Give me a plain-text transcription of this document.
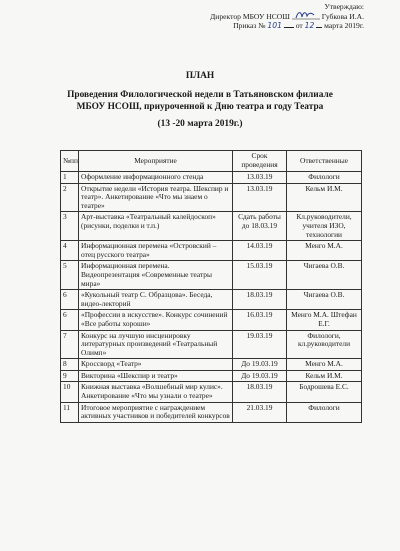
Утверждаю:
Директор МБОУ НСОШ	Губкова И.А.
Приказ № 101 от 12 марта 2019г.
ПЛАН
Проведения Филологической недели в Татьяновском филиале
МБОУ НСОШ, приуроченной к Дню театра и году Театра
(13 -20 марта 2019г.)
№пп	Мероприятие	Срок проведения	Ответственные
1	Оформление информационного стенда	13.03.19	Филологи
2	Открытие недели «История театра. Шекспир и театр». Анкетирование «Что мы знаем о театре»	13.03.19	Кельм И.М.
3	Арт-выставка «Театральный калейдоскоп» (рисунки, поделки и т.п.)	Сдать работы до 18.03.19	Кл.руководители, учителя ИЗО, технологии
4	Информационная перемена «Островский – отец русского театра»	14.03.19	Менго М.А.
5	Информационная перемена. Видеопрезентация «Современные театры мира»	15.03.19	Чигаева О.В.
6	«Кукольный театр С. Образцова». Беседа, видео-лекторий	18.03.19	Чигаева О.В.
6	«Профессии в искусстве». Конкурс сочинений «Все работы хороши»	16.03.19	Менго М.А. Штефан Е.Г.
7	Конкурс на лучшую инсценировку литературных произведений «Театральный Олимп»	19.03.19	Филологи, кл.руководители
8	Кроссворд «Театр»	До 19.03.19	Менго М.А.
9	Викторина «Шекспир и театр»	До 19.03.19	Кельм И.М.
10	Книжная выставка «Волшебный мир кулис». Анкетирование «Что мы узнали о театре»	18.03.19	Бодрошева Е.С.
11	Итоговое мероприятие с награждением активных участников и победителей конкурсов	21.03.19	Филологи
